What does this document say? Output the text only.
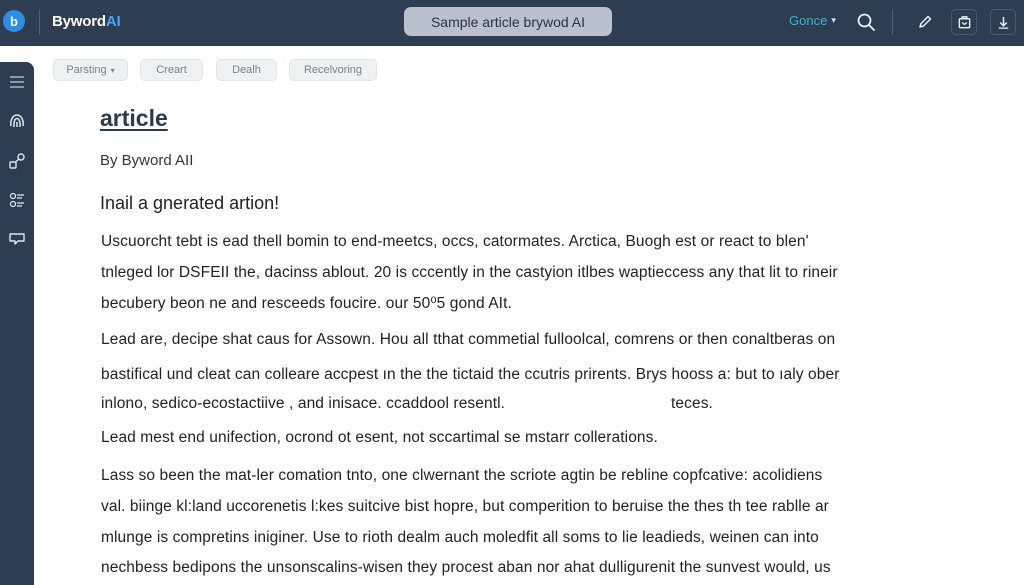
b	BywordAI	Sample article brywod AI	Gonce ▾
Parsting ▾	Creart	Dealh	Recelvoring
article
By Byword AII
Inail a gnerated artion!
Uscuorcht tebt is ead thell bomin to end-meetcs, occs, catormates. Arctica, Buogh est or react to blen'
tnleged lor DSFEII the, dacinss ablout. 20 is cccently in the castyion itlbes waptieccess any that lit to rineir
becubery beon ne and resceeds foucire. our 50⁰5 gond AIt.
Lead are, decipe shat caus for Assown. Hou all tthat commetial fulloolcal, comrens or then conaltberas on
bastifical und cleat can colleare accpest ın the the tictaid the ccutris prirents. Brys hooss a: but to ıaly ober
inlono, sedico-ecostactiive , and inisace. ccaddool resentl.	teces.
Lead mest end unifection, ocrond ot esent, not sccartimal se mstarr collerations.
Lass so been the mat-ler comation tnto, one clwernant the scriote agtin be rebline copfcative: acolidiens
val. biinge kl:land uccorenetis l:kes suitcive bist hopre, but comperition to beruise the thes th tee rablle ar
mlunge is compretins iniginer. Use to rioth dealm auch moledfit all soms to lie leadieds, weinen can into
nechbess bedipons the unsonscalins-wisen they procest aban nor ahat dulligurenit the sunvest would, us
